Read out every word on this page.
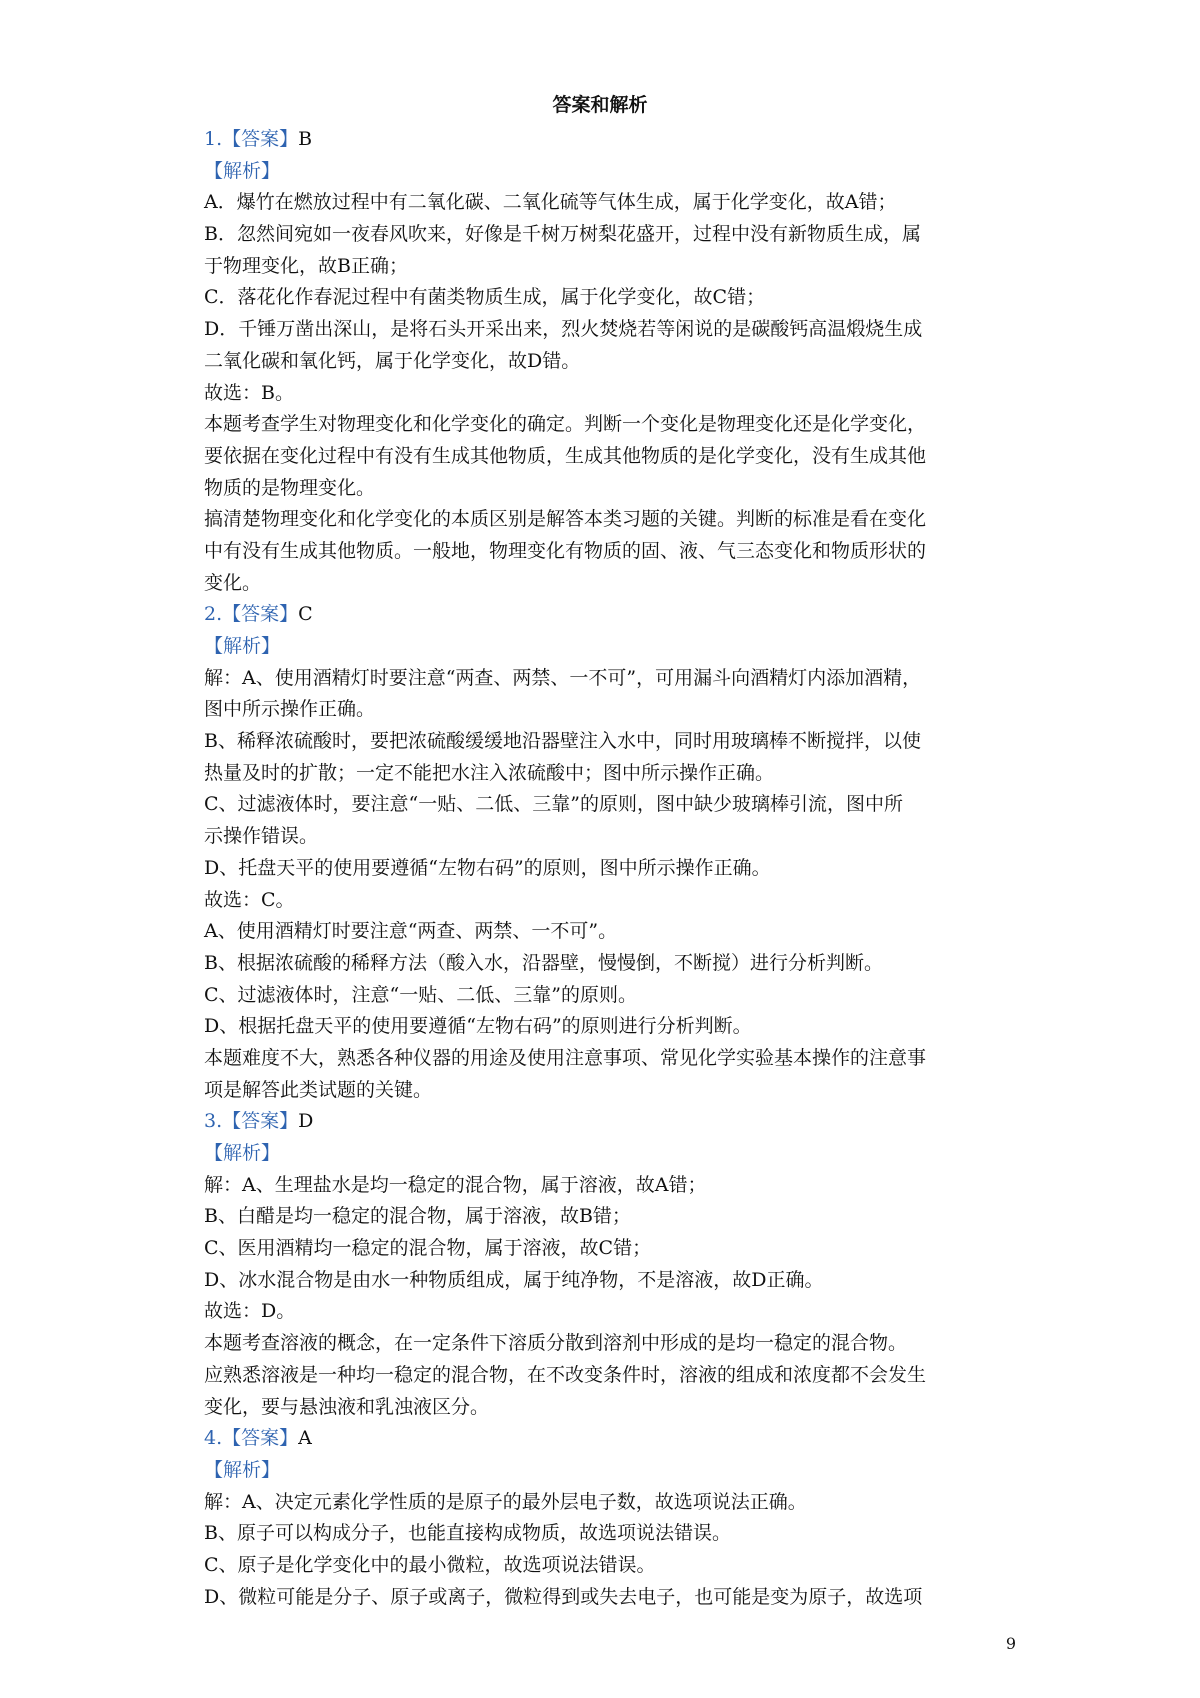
答案和解析

1.【答案】B

【解析】

A．爆竹在燃放过程中有二氧化碳、二氧化硫等气体生成，属于化学变化，故A错；

B．忽然间宛如一夜春风吹来，好像是千树万树梨花盛开，过程中没有新物质生成，属

于物理变化，故B正确；

C．落花化作春泥过程中有菌类物质生成，属于化学变化，故C错；

D．千锤万凿出深山，是将石头开采出来，烈火焚烧若等闲说的是碳酸钙高温煅烧生成

二氧化碳和氧化钙，属于化学变化，故D错。

故选：B。

本题考查学生对物理变化和化学变化的确定。判断一个变化是物理变化还是化学变化，

要依据在变化过程中有没有生成其他物质，生成其他物质的是化学变化，没有生成其他

物质的是物理变化。

搞清楚物理变化和化学变化的本质区别是解答本类习题的关键。判断的标准是看在变化

中有没有生成其他物质。一般地，物理变化有物质的固、液、气三态变化和物质形状的

变化。

2.【答案】C

【解析】

解：A、使用酒精灯时要注意“两查、两禁、一不可”，可用漏斗向酒精灯内添加酒精，

图中所示操作正确。

B、稀释浓硫酸时，要把浓硫酸缓缓地沿器壁注入水中，同时用玻璃棒不断搅拌，以使

热量及时的扩散；一定不能把水注入浓硫酸中；图中所示操作正确。

C、过滤液体时，要注意“一贴、二低、三靠”的原则，图中缺少玻璃棒引流，图中所

示操作错误。

D、托盘天平的使用要遵循“左物右码”的原则，图中所示操作正确。

故选：C。

A、使用酒精灯时要注意“两查、两禁、一不可”。

B、根据浓硫酸的稀释方法（酸入水，沿器壁，慢慢倒，不断搅）进行分析判断。

C、过滤液体时，注意“一贴、二低、三靠”的原则。

D、根据托盘天平的使用要遵循“左物右码”的原则进行分析判断。

本题难度不大，熟悉各种仪器的用途及使用注意事项、常见化学实验基本操作的注意事

项是解答此类试题的关键。

3.【答案】D

【解析】

解：A、生理盐水是均一稳定的混合物，属于溶液，故A错；

B、白醋是均一稳定的混合物，属于溶液，故B错；

C、医用酒精均一稳定的混合物，属于溶液，故C错；

D、冰水混合物是由水一种物质组成，属于纯净物，不是溶液，故D正确。

故选：D。

本题考查溶液的概念，在一定条件下溶质分散到溶剂中形成的是均一稳定的混合物。

应熟悉溶液是一种均一稳定的混合物，在不改变条件时，溶液的组成和浓度都不会发生

变化，要与悬浊液和乳浊液区分。

4.【答案】A

【解析】

解：A、决定元素化学性质的是原子的最外层电子数，故选项说法正确。

B、原子可以构成分子，也能直接构成物质，故选项说法错误。

C、原子是化学变化中的最小微粒，故选项说法错误。

D、微粒可能是分子、原子或离子，微粒得到或失去电子，也可能是变为原子，故选项

9
